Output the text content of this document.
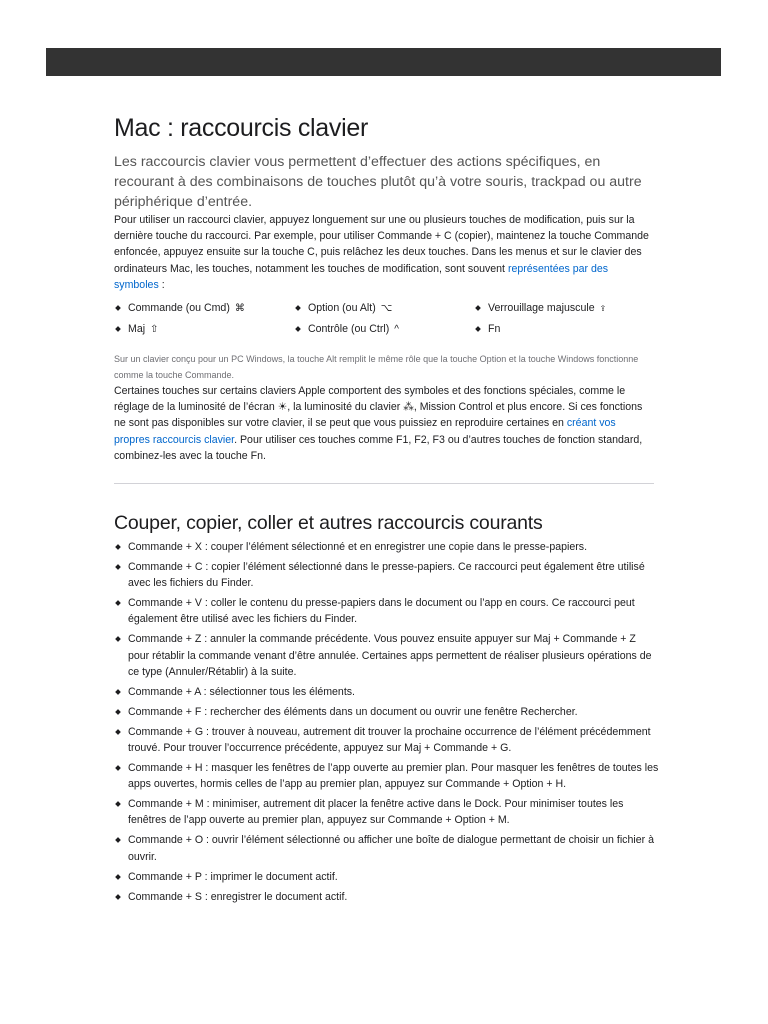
Mac : raccourcis clavier

Les raccourcis clavier vous permettent d’effectuer des actions spécifiques, en recourant à des combinaisons de touches plutôt qu’à votre souris, trackpad ou autre périphérique d’entrée.

Pour utiliser un raccourci clavier, appuyez longuement sur une ou plusieurs touches de modification, puis sur la dernière touche du raccourci. Par exemple, pour utiliser Commande + C (copier), maintenez la touche Commande enfoncée, appuyez ensuite sur la touche C, puis relâchez les deux touches. Dans les menus et sur le clavier des ordinateurs Mac, les touches, notamment les touches de modification, sont souvent représentées par des symboles :

Commande (ou Cmd) ⌘	Option (ou Alt) ⌥	Verrouillage majuscule ⇪
Maj ⇧	Contrôle (ou Ctrl) ^	Fn

Sur un clavier conçu pour un PC Windows, la touche Alt remplit le même rôle que la touche Option et la touche Windows fonctionne comme la touche Commande.

Certaines touches sur certains claviers Apple comportent des symboles et des fonctions spéciales, comme le réglage de la luminosité de l’écran ☀, la luminosité du clavier ⁂, Mission Control et plus encore. Si ces fonctions ne sont pas disponibles sur votre clavier, il se peut que vous puissiez en reproduire certaines en créant vos propres raccourcis clavier. Pour utiliser ces touches comme F1, F2, F3 ou d’autres touches de fonction standard, combinez-les avec la touche Fn.

Couper, copier, coller et autres raccourcis courants
Commande + X : couper l’élément sélectionné et en enregistrer une copie dans le presse-papiers.
Commande + C : copier l’élément sélectionné dans le presse-papiers. Ce raccourci peut également être utilisé avec les fichiers du Finder.
Commande + V : coller le contenu du presse-papiers dans le document ou l’app en cours. Ce raccourci peut également être utilisé avec les fichiers du Finder.
Commande + Z : annuler la commande précédente. Vous pouvez ensuite appuyer sur Maj + Commande + Z pour rétablir la commande venant d’être annulée. Certaines apps permettent de réaliser plusieurs opérations de ce type (Annuler/Rétablir) à la suite.
Commande + A : sélectionner tous les éléments.
Commande + F : rechercher des éléments dans un document ou ouvrir une fenêtre Rechercher.
Commande + G : trouver à nouveau, autrement dit trouver la prochaine occurrence de l’élément précédemment trouvé. Pour trouver l’occurrence précédente, appuyez sur Maj + Commande + G.
Commande + H : masquer les fenêtres de l’app ouverte au premier plan. Pour masquer les fenêtres de toutes les apps ouvertes, hormis celles de l’app au premier plan, appuyez sur Commande + Option + H.
Commande + M : minimiser, autrement dit placer la fenêtre active dans le Dock. Pour minimiser toutes les fenêtres de l’app ouverte au premier plan, appuyez sur Commande + Option + M.
Commande + O : ouvrir l’élément sélectionné ou afficher une boîte de dialogue permettant de choisir un fichier à ouvrir.
Commande + P : imprimer le document actif.
Commande + S : enregistrer le document actif.
